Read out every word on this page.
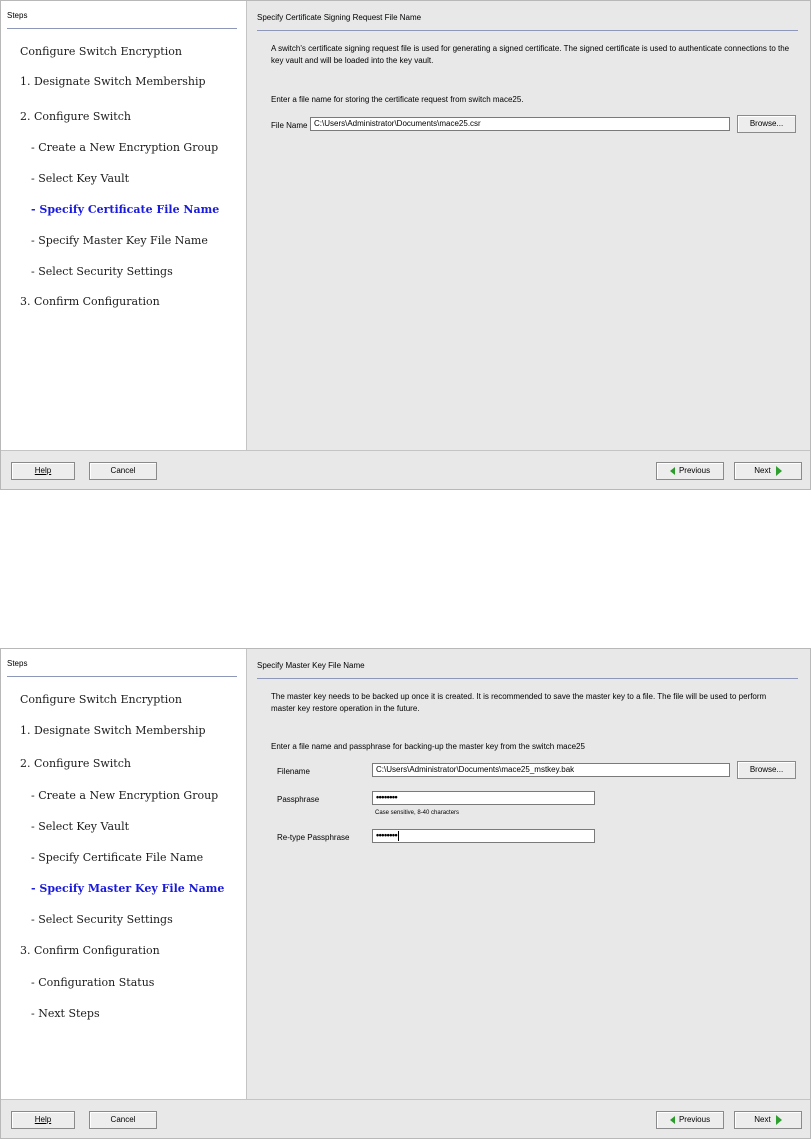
Steps
Configure Switch Encryption
1. Designate Switch Membership
2. Configure Switch
- Create a New Encryption Group
- Select Key Vault
- Specify Certificate File Name
- Specify Master Key File Name
- Select Security Settings
3. Confirm Configuration
Specify Certificate Signing Request File Name
A switch's certificate signing request file is used for generating a signed certificate. The signed certificate is used to authenticate connections to the key vault and will be loaded into the key vault.
Enter a file name for storing the certificate request from switch mace25.
File Name C:\Users\Administrator\Documents\mace25.csr	Browse...
Help	Cancel	Previous	Next
Steps
Configure Switch Encryption
1. Designate Switch Membership
2. Configure Switch
- Create a New Encryption Group
- Select Key Vault
- Specify Certificate File Name
- Specify Master Key File Name
- Select Security Settings
3. Confirm Configuration
- Configuration Status
- Next Steps
Specify Master Key File Name
The master key needs to be backed up once it is created. It is recommended to save the master key to a file. The file will be used to perform master key restore operation in the future.
Enter a file name and passphrase for backing-up the master key from the switch mace25
Filename	C:\Users\Administrator\Documents\mace25_mstkey.bak	Browse...
Passphrase	••••••••
Case sensitive, 8-40 characters
Re-type Passphrase	••••••••
Help	Cancel	Previous	Next
